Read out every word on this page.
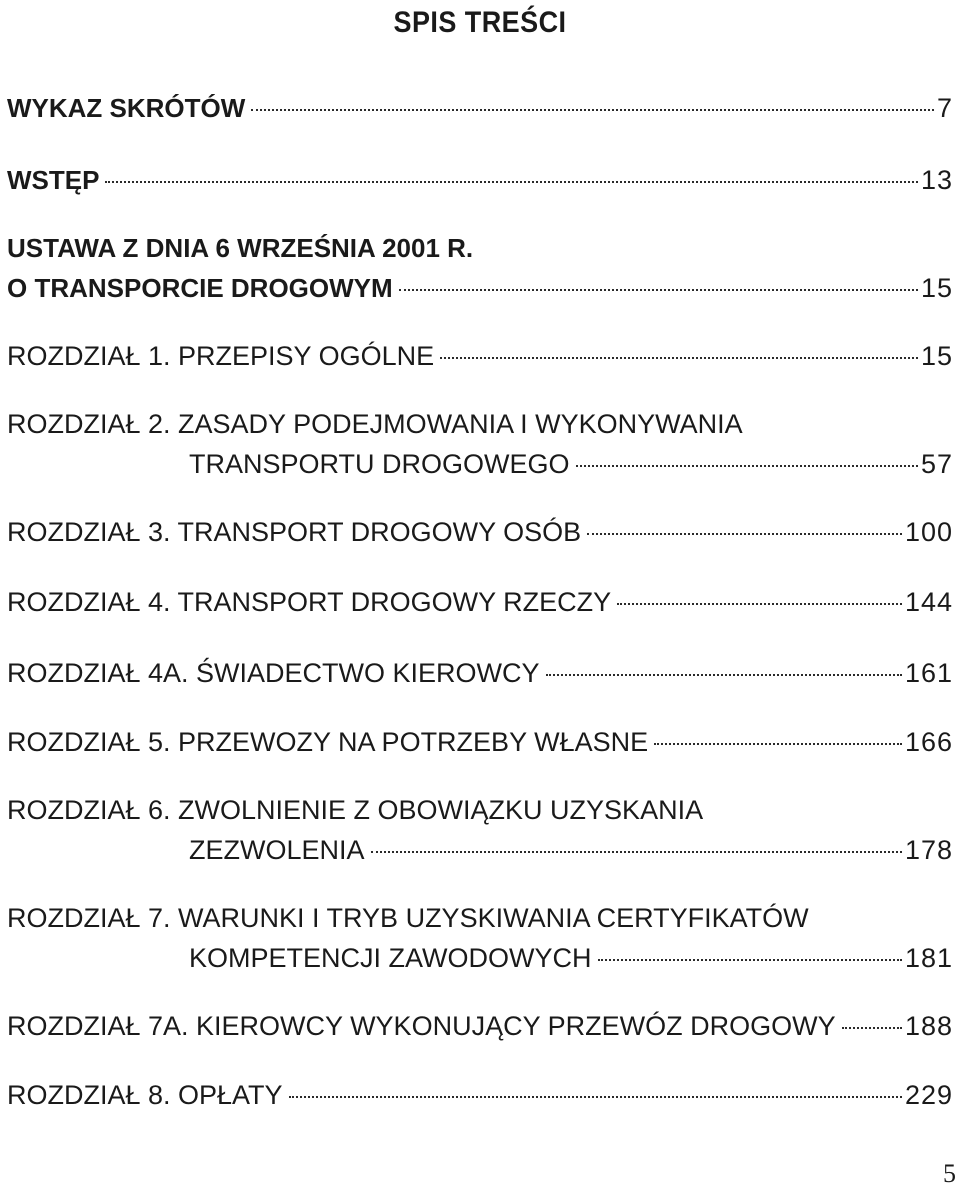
SPIS TREŚCI
WYKAZ SKRÓTÓW	7
WSTĘP	13
USTAWA Z DNIA 6 WRZEŚNIA 2001 R.
O TRANSPORCIE DROGOWYM	15
ROZDZIAŁ 1. PRZEPISY OGÓLNE	15
ROZDZIAŁ 2. ZASADY PODEJMOWANIA I WYKONYWANIA
TRANSPORTU DROGOWEGO	57
ROZDZIAŁ 3. TRANSPORT DROGOWY OSÓB	100
ROZDZIAŁ 4. TRANSPORT DROGOWY RZECZY	144
ROZDZIAŁ 4A. ŚWIADECTWO KIEROWCY	161
ROZDZIAŁ 5. PRZEWOZY NA POTRZEBY WŁASNE	166
ROZDZIAŁ 6. ZWOLNIENIE Z OBOWIĄZKU UZYSKANIA
ZEZWOLENIA	178
ROZDZIAŁ 7. WARUNKI I TRYB UZYSKIWANIA CERTYFIKATÓW
KOMPETENCJI ZAWODOWYCH	181
ROZDZIAŁ 7A. KIEROWCY WYKONUJĄCY PRZEWÓZ DROGOWY	188
ROZDZIAŁ 8. OPŁATY	229
5
